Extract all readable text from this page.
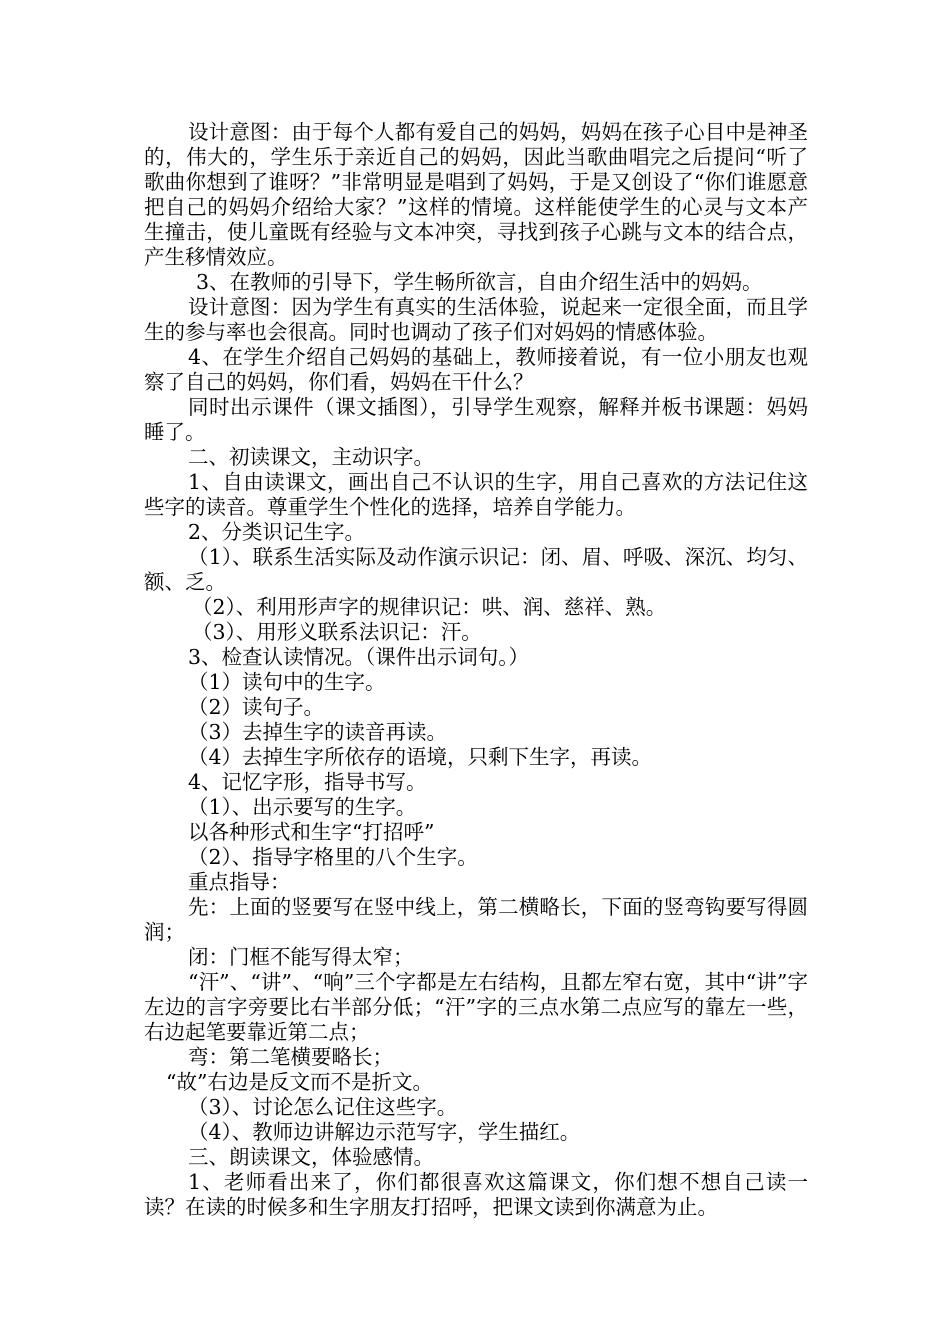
设计意图：由于每个人都有爱自己的妈妈，妈妈在孩子心目中是神圣的，伟大的，学生乐于亲近自己的妈妈，因此当歌曲唱完之后提问“听了歌曲你想到了谁呀？”非常明显是唱到了妈妈，于是又创设了“你们谁愿意把自己的妈妈介绍给大家？”这样的情境。这样能使学生的心灵与文本产生撞击，使儿童既有经验与文本冲突，寻找到孩子心跳与文本的结合点，产生移情效应。

3、在教师的引导下，学生畅所欲言，自由介绍生活中的妈妈。

设计意图：因为学生有真实的生活体验，说起来一定很全面，而且学生的参与率也会很高。同时也调动了孩子们对妈妈的情感体验。

4、在学生介绍自己妈妈的基础上，教师接着说，有一位小朋友也观察了自己的妈妈，你们看，妈妈在干什么？

同时出示课件（课文插图），引导学生观察，解释并板书课题：妈妈睡了。

二、初读课文，主动识字。

1、自由读课文，画出自己不认识的生字，用自己喜欢的方法记住这些字的读音。尊重学生个性化的选择，培养自学能力。

2、分类识记生字。

（1）、联系生活实际及动作演示识记：闭、眉、呼吸、深沉、均匀、额、乏。

（2）、利用形声字的规律识记：哄、润、慈祥、熟。

（3）、用形义联系法识记：汗。

3、检查认读情况。（课件出示词句。）

（1）读句中的生字。

（2）读句子。

（3）去掉生字的读音再读。

（4）去掉生字所依存的语境，只剩下生字，再读。

4、记忆字形，指导书写。

（1）、出示要写的生字。

以各种形式和生字“打招呼”

（2）、指导字格里的八个生字。

重点指导：

先：上面的竖要写在竖中线上，第二横略长，下面的竖弯钩要写得圆润；

闭：门框不能写得太窄；

“汗”、“讲”、“响”三个字都是左右结构，且都左窄右宽，其中“讲”字左边的言字旁要比右半部分低；“汗”字的三点水第二点应写的靠左一些，右边起笔要靠近第二点；

弯：第二笔横要略长；

“故”右边是反文而不是折文。

（3）、讨论怎么记住这些字。

（4）、教师边讲解边示范写字，学生描红。

三、朗读课文，体验感情。

1、老师看出来了，你们都很喜欢这篇课文，你们想不想自己读一读？在读的时候多和生字朋友打招呼，把课文读到你满意为止。
